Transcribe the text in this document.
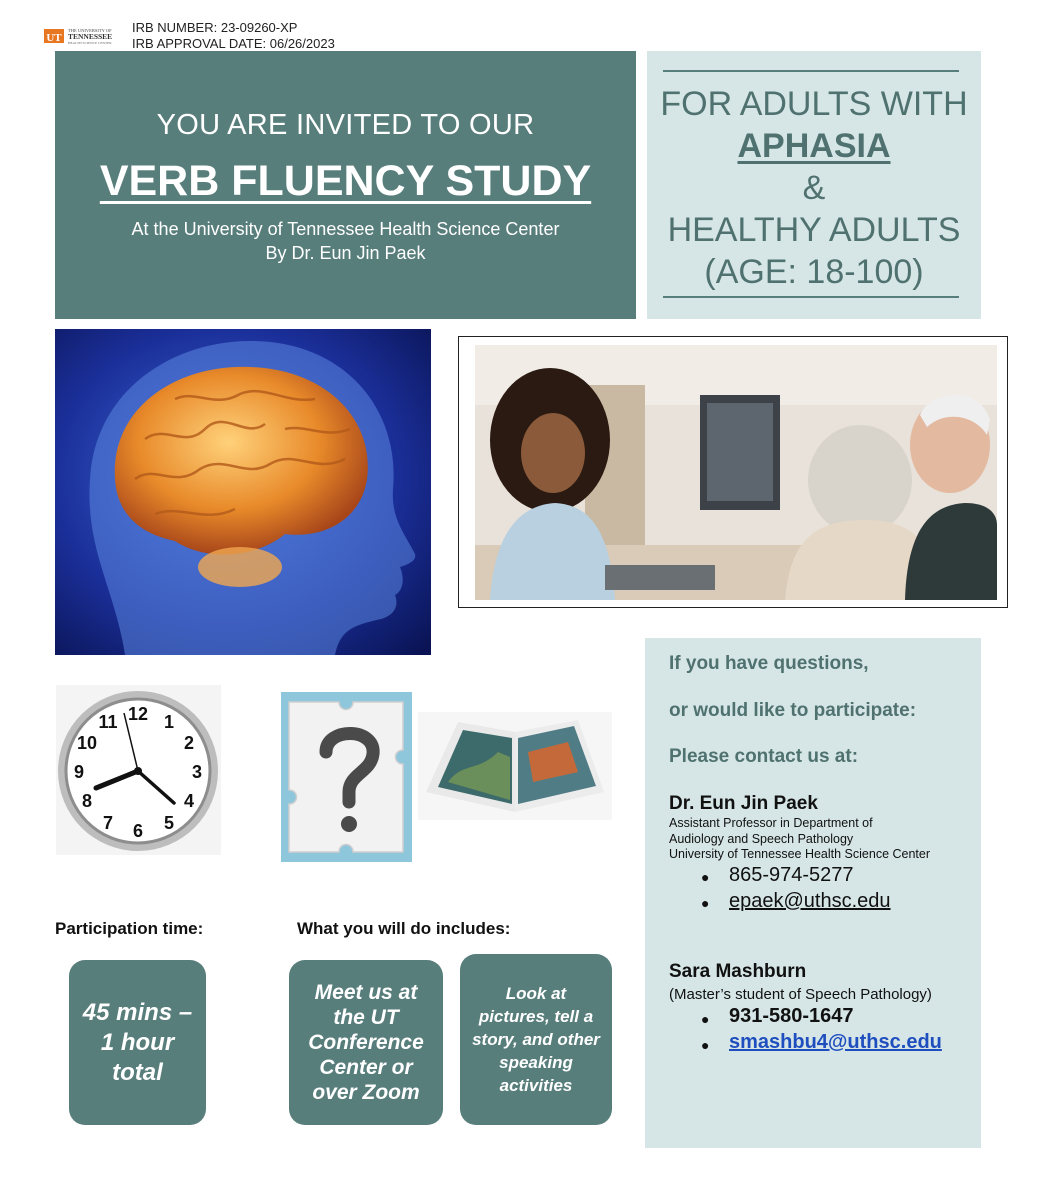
UT
THE UNIVERSITY OF
TENNESSEE
HEALTH SCIENCE CENTER
IRB NUMBER: 23-09260-XP
IRB APPROVAL DATE: 06/26/2023
YOU ARE INVITED TO OUR
VERB FLUENCY STUDY
At the University of Tennessee Health Science Center
By Dr. Eun Jin Paek
FOR ADULTS WITH
APHASIA
&
HEALTHY ADULTS
(AGE: 18-100)
12 1
2
3
4
5
6
7
8
9
10
11
Participation time:	What you will do includes:
45 mins – 1 hour total
Meet us at the UT Conference Center or over Zoom
Look at pictures, tell a story, and other speaking activities
If you have questions,
or would like to participate:
Please contact us at:
Dr. Eun Jin Paek
Assistant Professor in Department of
Audiology and Speech Pathology
University of Tennessee Health Science Center
● 865-974-5277
● epaek@uthsc.edu
Sara Mashburn
(Master’s student of Speech Pathology)
● 931-580-1647
● smashbu4@uthsc.edu
